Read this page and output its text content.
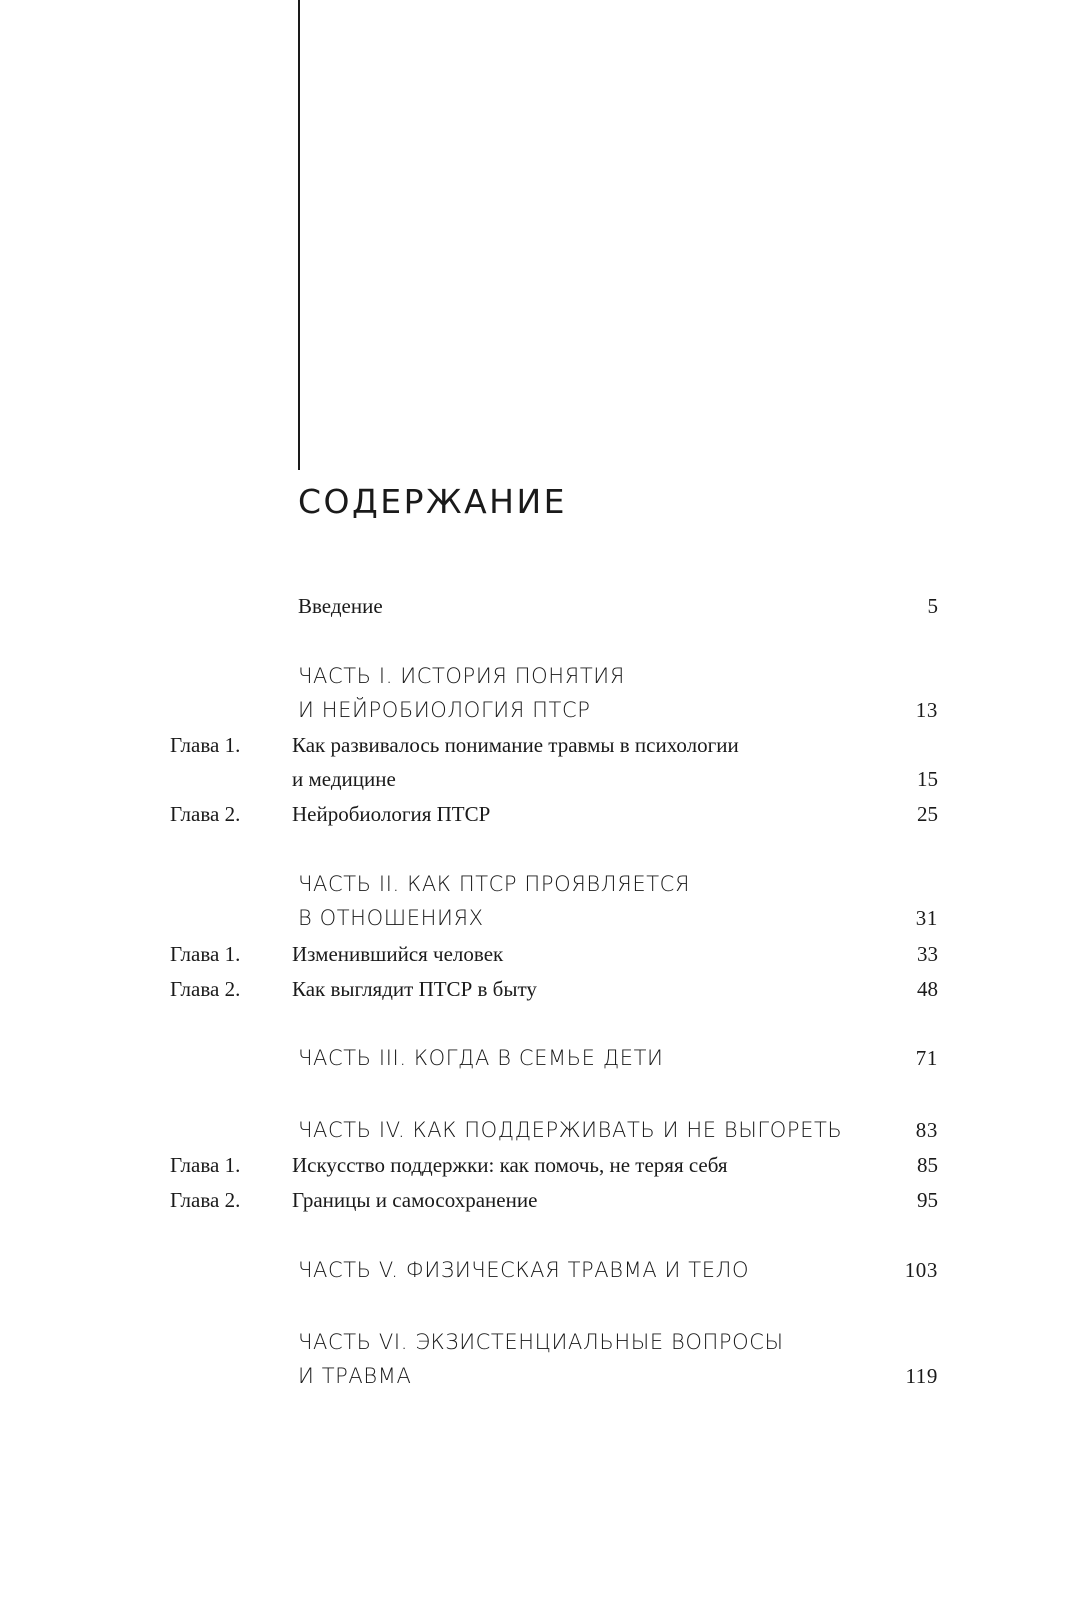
СОДЕРЖАНИЕ
Введение	5
ЧАСТЬ I. ИСТОРИЯ ПОНЯТИЯ
И НЕЙРОБИОЛОГИЯ ПТСР	13
Глава 1. Как развивалось понимание травмы в психологии
и медицине	15
Глава 2. Нейробиология ПТСР	25
ЧАСТЬ II. КАК ПТСР ПРОЯВЛЯЕТСЯ
В ОТНОШЕНИЯХ	31
Глава 1. Изменившийся человек	33
Глава 2. Как выглядит ПТСР в быту	48
ЧАСТЬ III. КОГДА В СЕМЬЕ ДЕТИ	71
ЧАСТЬ IV. КАК ПОДДЕРЖИВАТЬ И НЕ ВЫГОРЕТЬ	83
Глава 1. Искусство поддержки: как помочь, не теряя себя	85
Глава 2. Границы и самосохранение	95
ЧАСТЬ V. ФИЗИЧЕСКАЯ ТРАВМА И ТЕЛО	103
ЧАСТЬ VI. ЭКЗИСТЕНЦИАЛЬНЫЕ ВОПРОСЫ
И ТРАВМА	119
